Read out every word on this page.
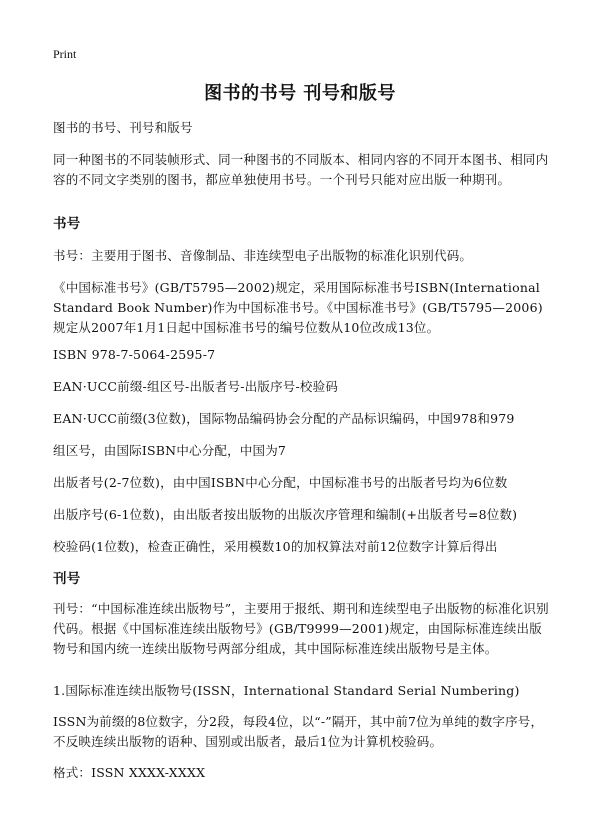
Print
图书的书号 刊号和版号
图书的书号、刊号和版号
同一种图书的不同装帧形式、同一种图书的不同版本、相同内容的不同开本图书、相同内容的不同文字类别的图书，都应单独使用书号。一个刊号只能对应出版一种期刊。
书号
书号：主要用于图书、音像制品、非连续型电子出版物的标准化识别代码。
《中国标准书号》(GB/T5795—2002)规定，采用国际标准书号ISBN(International Standard Book Number)作为中国标准书号。《中国标准书号》(GB/T5795—2006)规定从2007年1月1日起中国标准书号的编号位数从10位改成13位。
ISBN 978-7-5064-2595-7
EAN·UCC前缀-组区号-出版者号-出版序号-校验码
EAN·UCC前缀(3位数)，国际物品编码协会分配的产品标识编码，中国978和979
组区号，由国际ISBN中心分配，中国为7
出版者号(2-7位数)，由中国ISBN中心分配，中国标准书号的出版者号均为6位数
出版序号(6-1位数)，由出版者按出版物的出版次序管理和编制(+出版者号=8位数)
校验码(1位数)，检查正确性，采用模数10的加权算法对前12位数字计算后得出
刊号
刊号：“中国标准连续出版物号”，主要用于报纸、期刊和连续型电子出版物的标准化识别代码。根据《中国标准连续出版物号》(GB/T9999—2001)规定，由国际标准连续出版物号和国内统一连续出版物号两部分组成，其中国际标准连续出版物号是主体。
1.国际标准连续出版物号(ISSN，International Standard Serial Numbering)
ISSN为前缀的8位数字，分2段，每段4位，以“-”隔开，其中前7位为单纯的数字序号，不反映连续出版物的语种、国别或出版者，最后1位为计算机校验码。
格式：ISSN XXXX-XXXX
